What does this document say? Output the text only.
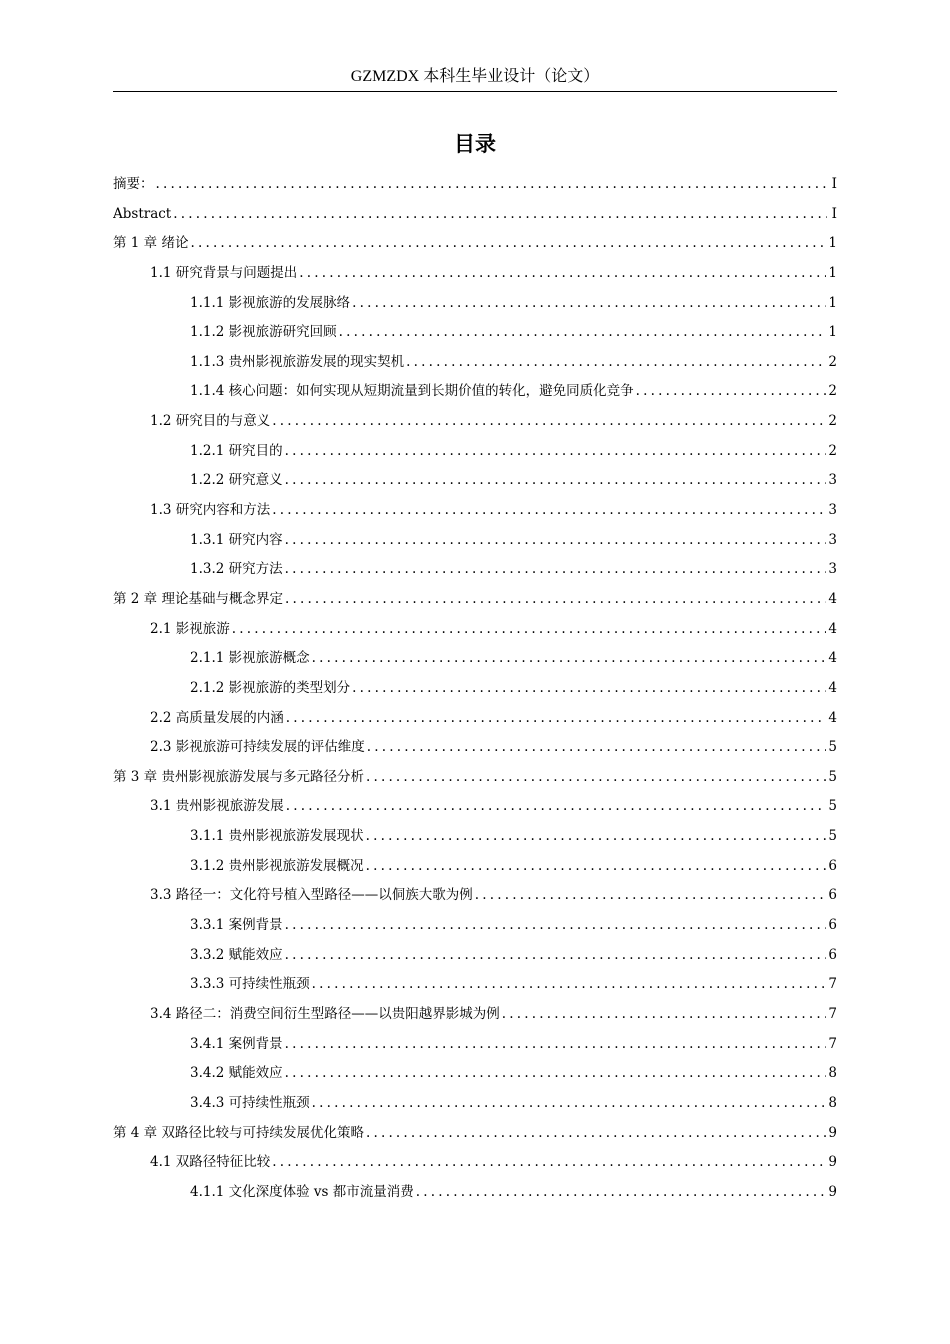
GZMZDX 本科生毕业设计（论文）
目录
摘要： .....	I
Abstract .....	I
第 1 章 绪论 .....	1
1.1 研究背景与问题提出 .....	1
1.1.1 影视旅游的发展脉络 .....	1
1.1.2 影视旅游研究回顾 .....	1
1.1.3 贵州影视旅游发展的现实契机 .....	2
1.1.4 核心问题：如何实现从短期流量到长期价值的转化，避免同质化竞争 .....	2
1.2 研究目的与意义 .....	2
1.2.1 研究目的 .....	2
1.2.2 研究意义 .....	3
1.3 研究内容和方法 .....	3
1.3.1 研究内容 .....	3
1.3.2 研究方法 .....	3
第 2 章 理论基础与概念界定 .....	4
2.1 影视旅游 .....	4
2.1.1 影视旅游概念 .....	4
2.1.2 影视旅游的类型划分 .....	4
2.2 高质量发展的内涵 .....	4
2.3 影视旅游可持续发展的评估维度 .....	5
第 3 章 贵州影视旅游发展与多元路径分析 .....	5
3.1 贵州影视旅游发展 .....	5
3.1.1 贵州影视旅游发展现状 .....	5
3.1.2 贵州影视旅游发展概况 .....	6
3.3 路径一：文化符号植入型路径——以侗族大歌为例 .....	6
3.3.1 案例背景 .....	6
3.3.2 赋能效应 .....	6
3.3.3 可持续性瓶颈 .....	7
3.4 路径二：消费空间衍生型路径——以贵阳越界影城为例 .....	7
3.4.1 案例背景 .....	7
3.4.2 赋能效应 .....	8
3.4.3 可持续性瓶颈 .....	8
第 4 章 双路径比较与可持续发展优化策略 .....	9
4.1 双路径特征比较 .....	9
4.1.1 文化深度体验 vs 都市流量消费 .....	9
